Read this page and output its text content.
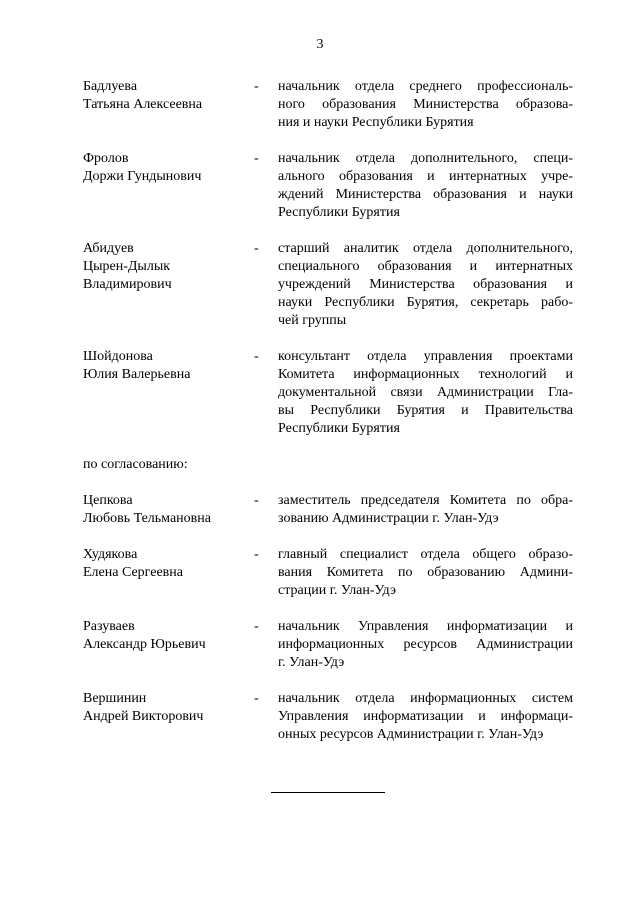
3
Бадлуева
Татьяна Алексеевна
-	начальник отдела среднего профессиональ-
ного образования Министерства образова-
ния и науки Республики Бурятия
Фролов
Доржи Гундынович
-	начальник отдела дополнительного, специ-
ального образования и интернатных учре-
ждений Министерства образования и науки
Республики Бурятия
Абидуев
Цырен-Дылык
Владимирович
-	старший аналитик отдела дополнительного,
специального образования и интернатных
учреждений Министерства образования и
науки Республики Бурятия, секретарь рабо-
чей группы
Шойдонова
Юлия Валерьевна
-	консультант отдела управления проектами
Комитета информационных технологий и
документальной связи Администрации Гла-
вы Республики Бурятия и Правительства
Республики Бурятия
по согласованию:
Цепкова
Любовь Тельмановна
-	заместитель председателя Комитета по обра-
зованию Администрации г. Улан-Удэ
Худякова
Елена Сергеевна
-	главный специалист отдела общего образо-
вания Комитета по образованию Админи-
страции г. Улан-Удэ
Разуваев
Александр Юрьевич
-	начальник Управления информатизации и
информационных ресурсов Администрации
г. Улан-Удэ
Вершинин
Андрей Викторович
-	начальник отдела информационных систем
Управления информатизации и информаци-
онных ресурсов Администрации г. Улан-Удэ
